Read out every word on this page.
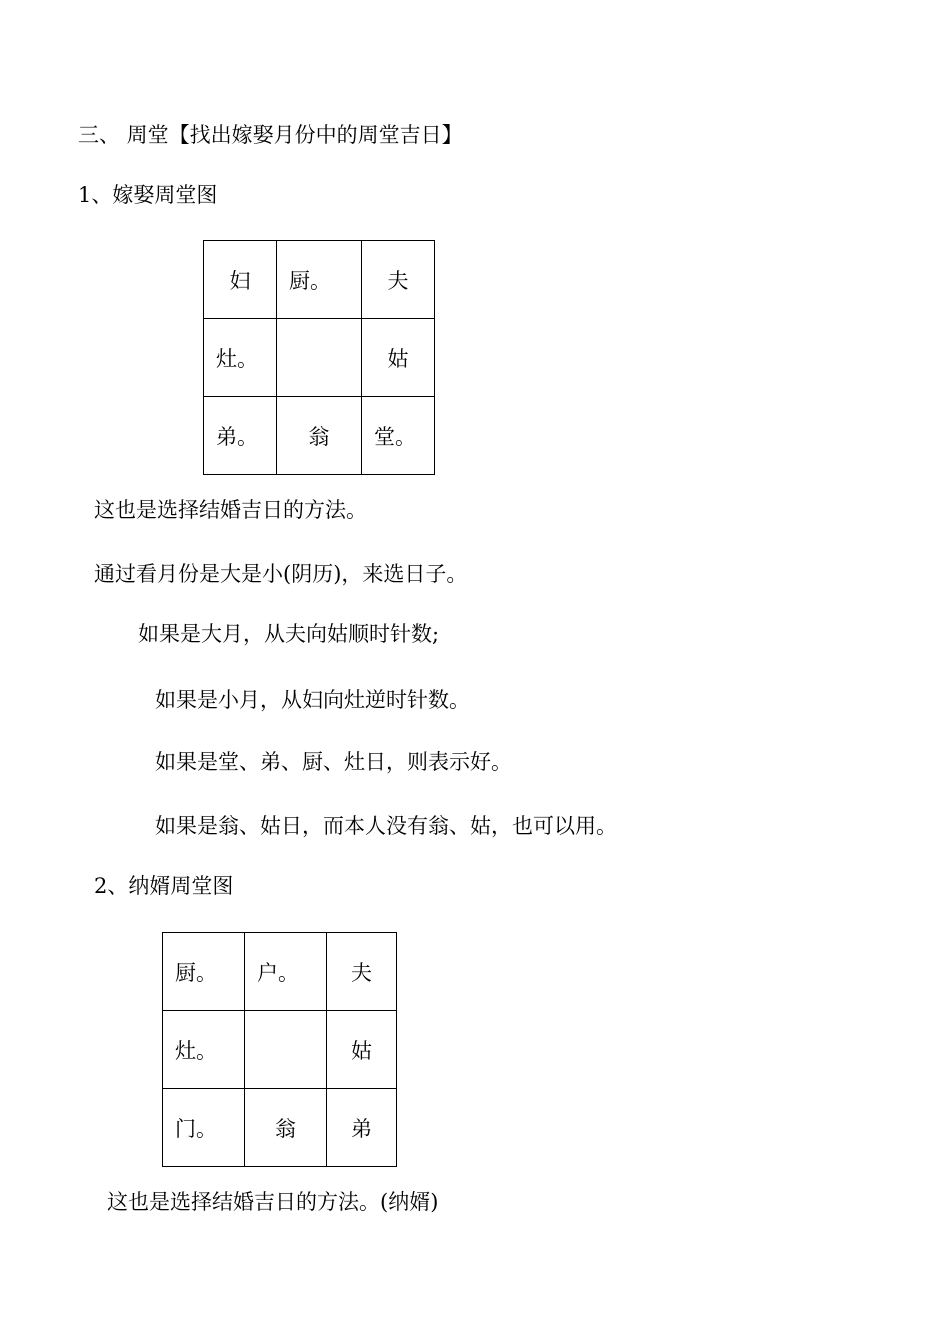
三、 周堂【找出嫁娶月份中的周堂吉日】
1、嫁娶周堂图
妇	厨。	夫
灶。		姑
弟。	翁	堂。
这也是选择结婚吉日的方法。
通过看月份是大是小(阴历)，来选日子。
如果是大月，从夫向姑顺时针数;
如果是小月，从妇向灶逆时针数。
如果是堂、弟、厨、灶日，则表示好。
如果是翁、姑日，而本人没有翁、姑，也可以用。
2、纳婿周堂图
厨。	户。	夫
灶。		姑
门。	翁	弟
这也是选择结婚吉日的方法。(纳婿)
